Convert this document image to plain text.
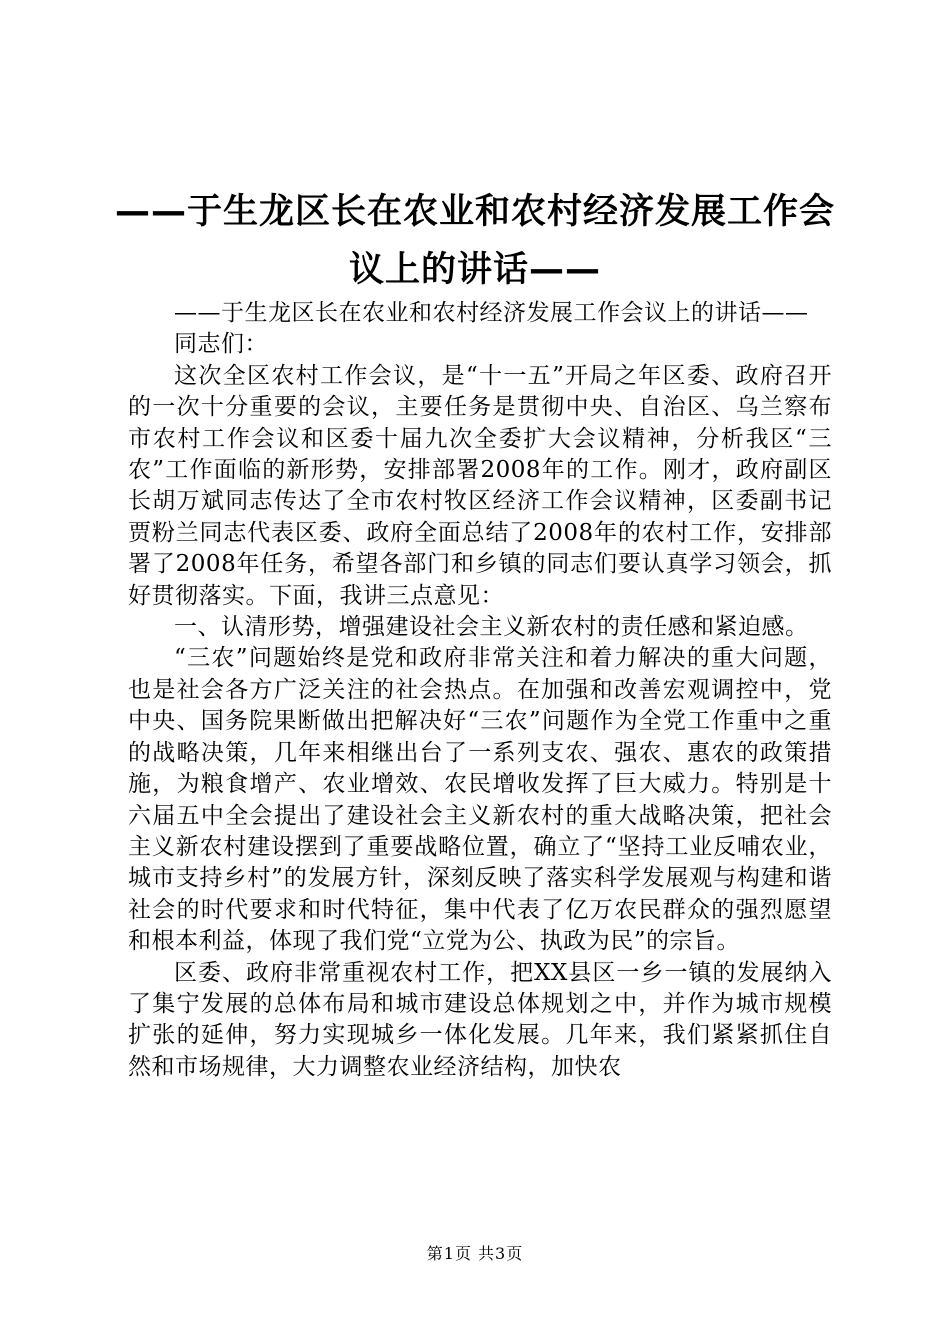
——于生龙区长在农业和农村经济发展工作会
议上的讲话——

——于生龙区长在农业和农村经济发展工作会议上的讲话——

同志们：

这次全区农村工作会议，是“十一五”开局之年区委、政府召开的一次十分重要的会议，主要任务是贯彻中央、自治区、乌兰察布市农村工作会议和区委十届九次全委扩大会议精神，分析我区“三农”工作面临的新形势，安排部署2008年的工作。刚才，政府副区长胡万斌同志传达了全市农村牧区经济工作会议精神，区委副书记贾粉兰同志代表区委、政府全面总结了2008年的农村工作，安排部署了2008年任务，希望各部门和乡镇的同志们要认真学习领会，抓好贯彻落实。下面，我讲三点意见：

一、认清形势，增强建设社会主义新农村的责任感和紧迫感。

“三农”问题始终是党和政府非常关注和着力解决的重大问题，也是社会各方广泛关注的社会热点。在加强和改善宏观调控中，党中央、国务院果断做出把解决好“三农”问题作为全党工作重中之重的战略决策，几年来相继出台了一系列支农、强农、惠农的政策措施，为粮食增产、农业增效、农民增收发挥了巨大威力。特别是十六届五中全会提出了建设社会主义新农村的重大战略决策，把社会主义新农村建设摆到了重要战略位置，确立了“坚持工业反哺农业，城市支持乡村”的发展方针，深刻反映了落实科学发展观与构建和谐社会的时代要求和时代特征，集中代表了亿万农民群众的强烈愿望和根本利益，体现了我们党“立党为公、执政为民”的宗旨。

区委、政府非常重视农村工作，把XX县区一乡一镇的发展纳入了集宁发展的总体布局和城市建设总体规划之中，并作为城市规模扩张的延伸，努力实现城乡一体化发展。几年来，我们紧紧抓住自然和市场规律，大力调整农业经济结构，加快农

第1页 共3页
